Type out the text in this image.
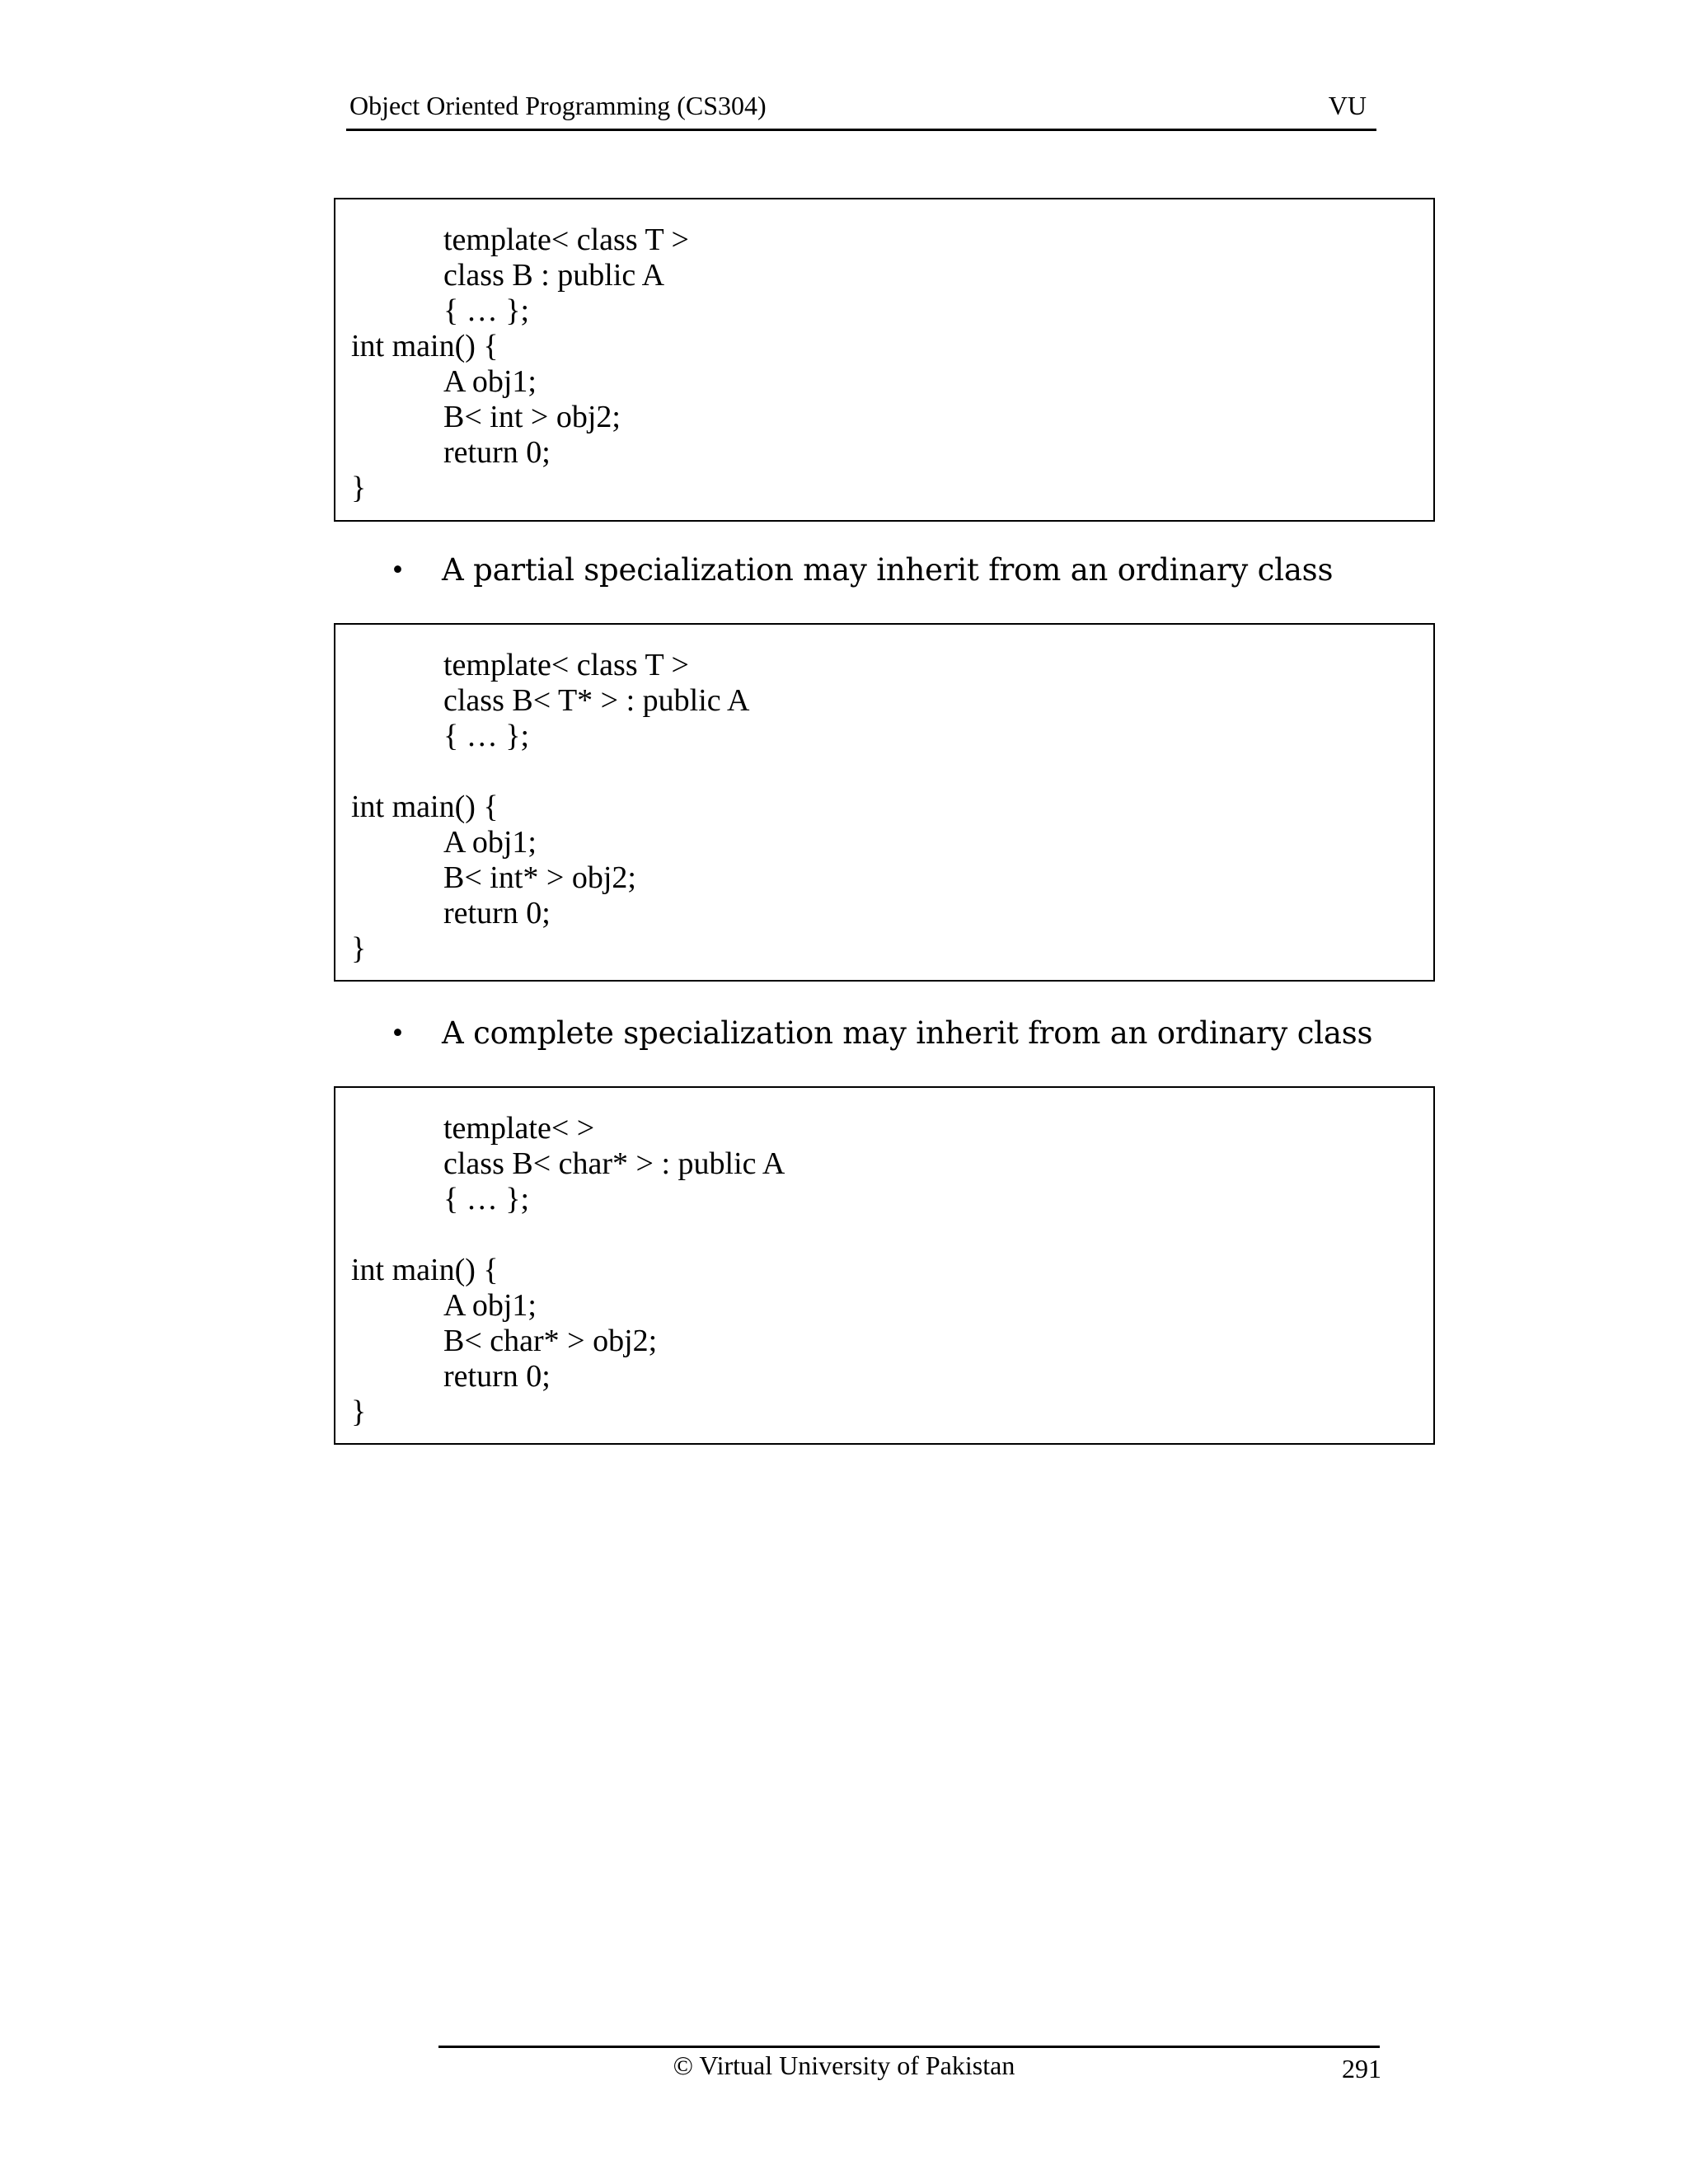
Object Oriented Programming (CS304)	VU
template< class T >
class B : public A
{ … };
int main() {
A obj1;
B< int > obj2;
return 0;
}
• A partial specialization may inherit from an ordinary class
template< class T >
class B< T* > : public A
{ … };
int main() {
A obj1;
B< int* > obj2;
return 0;
}
• A complete specialization may inherit from an ordinary class
template< >
class B< char* > : public A
{ … };
int main() {
A obj1;
B< char* > obj2;
return 0;
}
© Virtual University of Pakistan	291
